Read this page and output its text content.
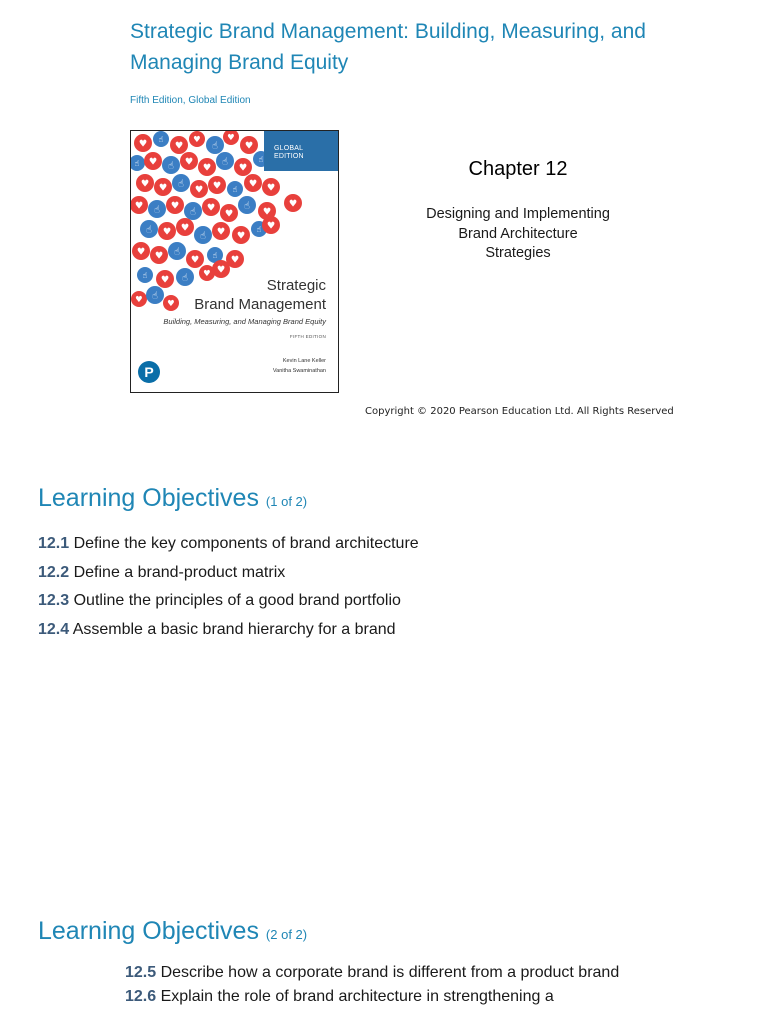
Strategic Brand Management: Building, Measuring, and Managing Brand Equity
Fifth Edition, Global Edition
♥ ☝
♥
♥
☝
♥
♥
☝ ♥ ☝ ♥
♥
☝
♥
☝
♥ ♥ ☝
♥ ♥ ☝ ♥ ♥
♥ ☝ ♥
☝ ♥
♥
☝
♥
☝ ♥ ♥
☝ ♥ ♥
☝
♥
♥ ♥ ☝
♥ ☝ ♥
♥
☝ ♥ ☝ ♥ ♥
♥ ☝
♥
GLOBAL
EDITION
Strategic
Brand Management
Building, Measuring, and Managing Brand Equity
FIFTH EDITION
Kevin Lane Keller
Vanitha Swaminathan
P
Chapter 12
Designing and Implementing
Brand Architecture
Strategies
Copyright © 2020 Pearson Education Ltd. All Rights Reserved
Learning Objectives (1 of 2)
12.1 Define the key components of brand architecture
12.2 Define a brand-product matrix
12.3 Outline the principles of a good brand portfolio
12.4 Assemble a basic brand hierarchy for a brand
Learning Objectives (2 of 2)
12.5 Describe how a corporate brand is different from a product brand
12.6 Explain the role of brand architecture in strengthening a
